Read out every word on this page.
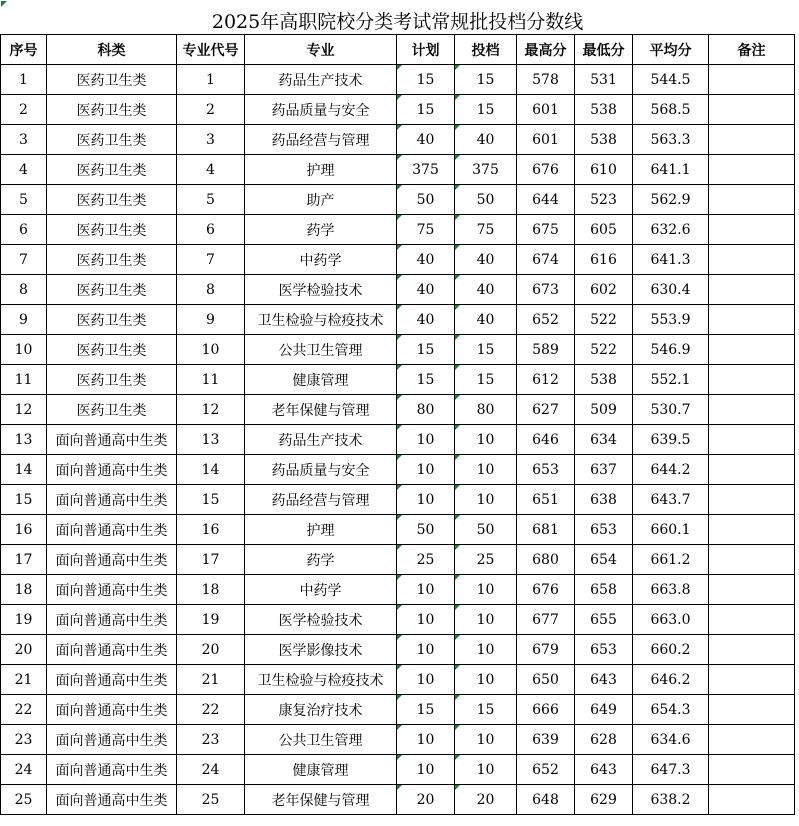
2025年高职院校分类考试常规批投档分数线									
序号	科类	专业代号	专业	计划	投档	最高分	最低分	平均分	备注
1	医药卫生类	1	药品生产技术	15	15	578	531	544.5	
2	医药卫生类	2	药品质量与安全	15	15	601	538	568.5	
3	医药卫生类	3	药品经营与管理	40	40	601	538	563.3	
4	医药卫生类	4	护理	375	375	676	610	641.1	
5	医药卫生类	5	助产	50	50	644	523	562.9	
6	医药卫生类	6	药学	75	75	675	605	632.6	
7	医药卫生类	7	中药学	40	40	674	616	641.3	
8	医药卫生类	8	医学检验技术	40	40	673	602	630.4	
9	医药卫生类	9	卫生检验与检疫技术	40	40	652	522	553.9	
10	医药卫生类	10	公共卫生管理	15	15	589	522	546.9	
11	医药卫生类	11	健康管理	15	15	612	538	552.1	
12	医药卫生类	12	老年保健与管理	80	80	627	509	530.7	
13	面向普通高中生类	13	药品生产技术	10	10	646	634	639.5	
14	面向普通高中生类	14	药品质量与安全	10	10	653	637	644.2	
15	面向普通高中生类	15	药品经营与管理	10	10	651	638	643.7	
16	面向普通高中生类	16	护理	50	50	681	653	660.1	
17	面向普通高中生类	17	药学	25	25	680	654	661.2	
18	面向普通高中生类	18	中药学	10	10	676	658	663.8	
19	面向普通高中生类	19	医学检验技术	10	10	677	655	663.0	
20	面向普通高中生类	20	医学影像技术	10	10	679	653	660.2	
21	面向普通高中生类	21	卫生检验与检疫技术	10	10	650	643	646.2	
22	面向普通高中生类	22	康复治疗技术	15	15	666	649	654.3	
23	面向普通高中生类	23	公共卫生管理	10	10	639	628	634.6	
24	面向普通高中生类	24	健康管理	10	10	652	643	647.3	
25	面向普通高中生类	25	老年保健与管理	20	20	648	629	638.2	
